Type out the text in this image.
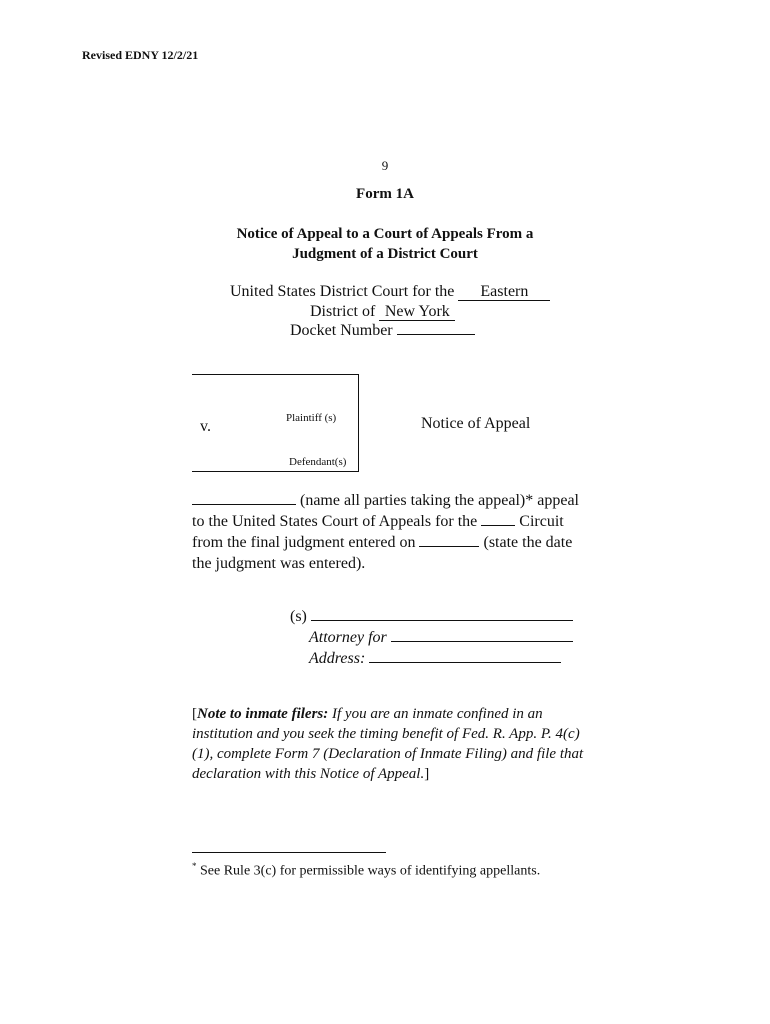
Revised EDNY 12/2/21
9
Form 1A
Notice of Appeal to a Court of Appeals From a
Judgment of a District Court
United States District Court for the Eastern
District of New York
Docket Number
Plaintiff (s)
v.
Defendant(s)
Notice of Appeal
(name all parties taking the appeal)* appeal to the United States Court of Appeals for the	Circuit from the final judgment entered on	(state the date the judgment was entered).
(s)
Attorney for
Address:
[Note to inmate filers: If you are an inmate confined in an institution and you seek the timing benefit of Fed. R. App. P. 4(c)(1), complete Form 7 (Declaration of Inmate Filing) and file that declaration with this Notice of Appeal.]
* See Rule 3(c) for permissible ways of identifying appellants.
